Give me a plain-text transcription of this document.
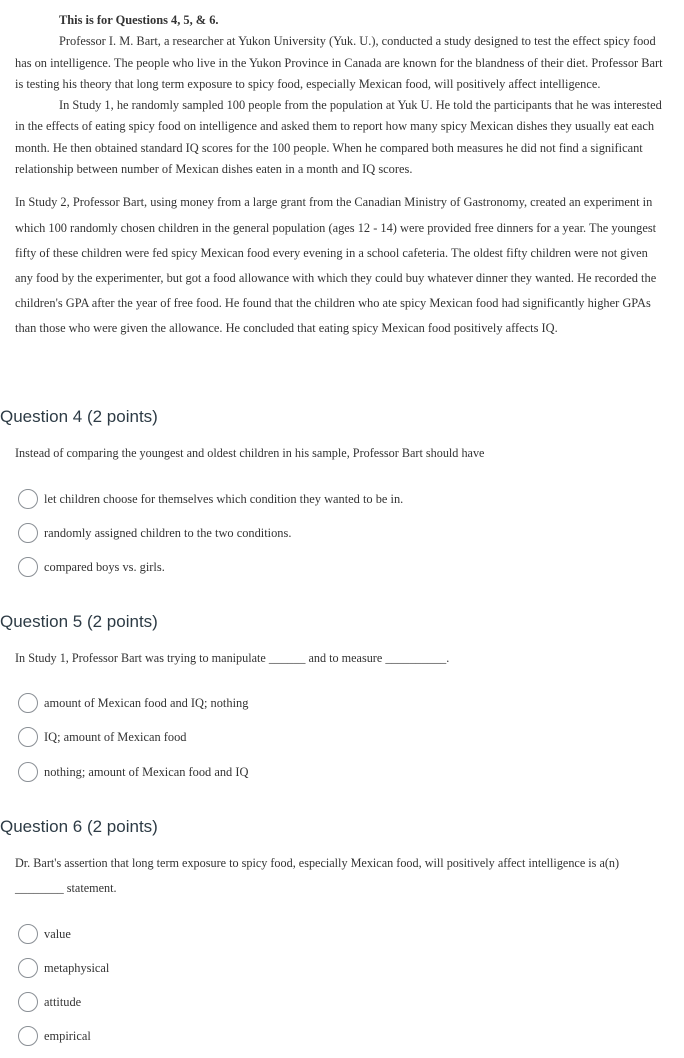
This is for Questions 4, 5, & 6.

Professor I. M. Bart, a researcher at Yukon University (Yuk. U.), conducted a study designed to test the effect spicy food has on intelligence. The people who live in the Yukon Province in Canada are known for the blandness of their diet. Professor Bart is testing his theory that long term exposure to spicy food, especially Mexican food, will positively affect intelligence.

In Study 1, he randomly sampled 100 people from the population at Yuk U. He told the participants that he was interested in the effects of eating spicy food on intelligence and asked them to report how many spicy Mexican dishes they usually eat each month. He then obtained standard IQ scores for the 100 people. When he compared both measures he did not find a significant relationship between number of Mexican dishes eaten in a month and IQ scores.

In Study 2, Professor Bart, using money from a large grant from the Canadian Ministry of Gastronomy, created an experiment in which 100 randomly chosen children in the general population (ages 12 - 14) were provided free dinners for a year. The youngest fifty of these children were fed spicy Mexican food every evening in a school cafeteria. The oldest fifty children were not given any food by the experimenter, but got a food allowance with which they could buy whatever dinner they wanted. He recorded the children's GPA after the year of free food. He found that the children who ate spicy Mexican food had significantly higher GPAs than those who were given the allowance. He concluded that eating spicy Mexican food positively affects IQ.

Question 4 (2 points)

Instead of comparing the youngest and oldest children in his sample, Professor Bart should have

let children choose for themselves which condition they wanted to be in.
randomly assigned children to the two conditions.
compared boys vs. girls.
Question 5 (2 points)

In Study 1, Professor Bart was trying to manipulate ______ and to measure __________.

amount of Mexican food and IQ; nothing
IQ; amount of Mexican food
nothing; amount of Mexican food and IQ
Question 6 (2 points)

Dr. Bart's assertion that long term exposure to spicy food, especially Mexican food, will positively affect intelligence is a(n) ________ statement.

value
metaphysical
attitude
empirical
